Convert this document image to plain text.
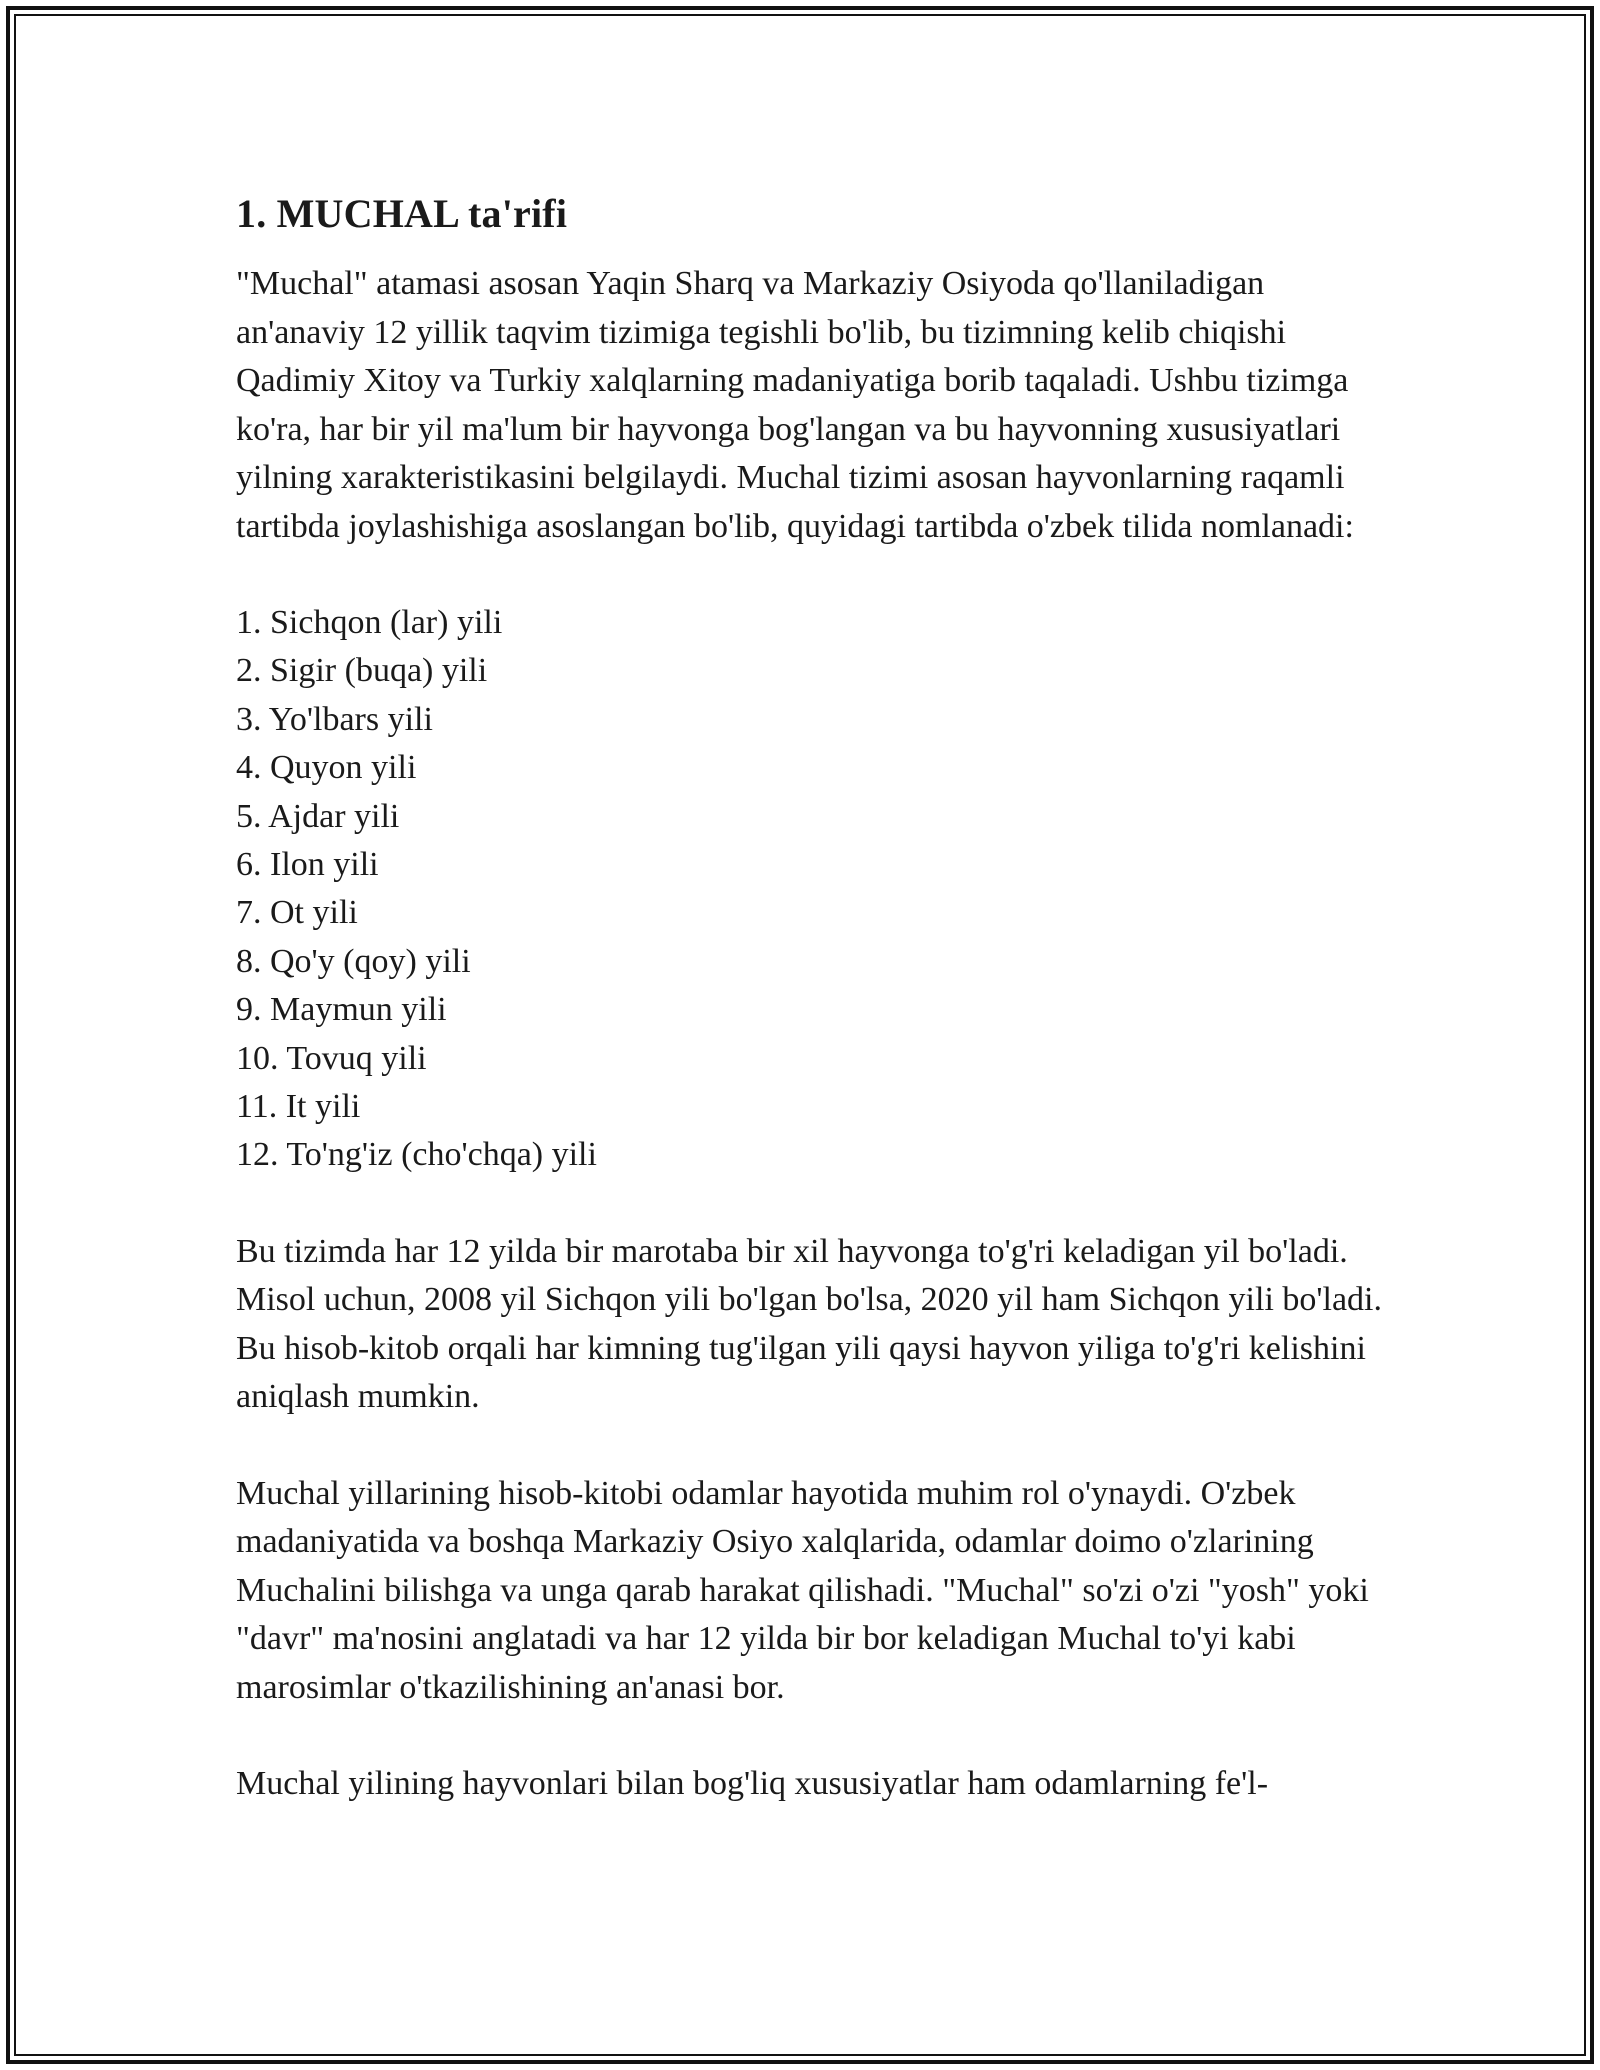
1. MUCHAL ta'rifi

"Muchal" atamasi asosan Yaqin Sharq va Markaziy Osiyoda qo'llaniladigan an'anaviy 12 yillik taqvim tizimiga tegishli bo'lib, bu tizimning kelib chiqishi Qadimiy Xitoy va Turkiy xalqlarning madaniyatiga borib taqaladi. Ushbu tizimga ko'ra, har bir yil ma'lum bir hayvonga bog'langan va bu hayvonning xususiyatlari yilning xarakteristikasini belgilaydi. Muchal tizimi asosan hayvonlarning raqamli tartibda joylashishiga asoslangan bo'lib, quyidagi tartibda o'zbek tilida nomlanadi:

1. Sichqon (lar) yili
2. Sigir (buqa) yili
3. Yo'lbars yili
4. Quyon yili
5. Ajdar yili
6. Ilon yili
7. Ot yili
8. Qo'y (qoy) yili
9. Maymun yili
10. Tovuq yili
11. It yili
12. To'ng'iz (cho'chqa) yili

Bu tizimda har 12 yilda bir marotaba bir xil hayvonga to'g'ri keladigan yil bo'ladi. Misol uchun, 2008 yil Sichqon yili bo'lgan bo'lsa, 2020 yil ham Sichqon yili bo'ladi. Bu hisob-kitob orqali har kimning tug'ilgan yili qaysi hayvon yiliga to'g'ri kelishini aniqlash mumkin.

Muchal yillarining hisob-kitobi odamlar hayotida muhim rol o'ynaydi. O'zbek madaniyatida va boshqa Markaziy Osiyo xalqlarida, odamlar doimo o'zlarining Muchalini bilishga va unga qarab harakat qilishadi. "Muchal" so'zi o'zi "yosh" yoki "davr" ma'nosini anglatadi va har 12 yilda bir bor keladigan Muchal to'yi kabi marosimlar o'tkazilishining an'anasi bor.

Muchal yilining hayvonlari bilan bog'liq xususiyatlar ham odamlarning fe'l-
